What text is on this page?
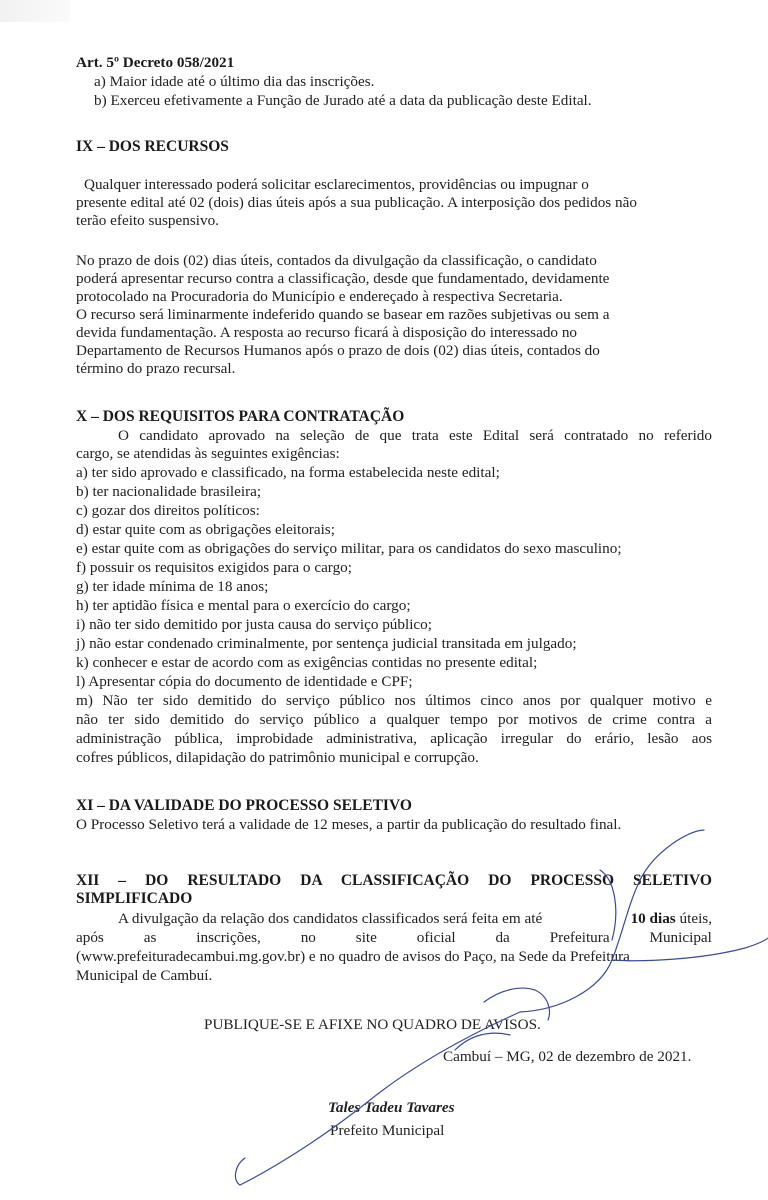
Art. 5º Decreto 058/2021
a) Maior idade até o último dia das inscrições.
b) Exerceu efetivamente a Função de Jurado até a data da publicação deste Edital.
IX – DOS RECURSOS
Qualquer interessado poderá solicitar esclarecimentos, providências ou impugnar o
presente edital até 02 (dois) dias úteis após a sua publicação. A interposição dos pedidos não
terão efeito suspensivo.
No prazo de dois (02) dias úteis, contados da divulgação da classificação, o candidato
poderá apresentar recurso contra a classificação, desde que fundamentado, devidamente
protocolado na Procuradoria do Município e endereçado à respectiva Secretaria.
O recurso será liminarmente indeferido quando se basear em razões subjetivas ou sem a
devida fundamentação. A resposta ao recurso ficará à disposição do interessado no
Departamento de Recursos Humanos após o prazo de dois (02) dias úteis, contados do
término do prazo recursal.
X – DOS REQUISITOS PARA CONTRATAÇÃO
O candidato aprovado na seleção de que trata este Edital será contratado no referido
cargo, se atendidas às seguintes exigências:
a) ter sido aprovado e classificado, na forma estabelecida neste edital;
b) ter nacionalidade brasileira;
c) gozar dos direitos políticos:
d) estar quite com as obrigações eleitorais;
e) estar quite com as obrigações do serviço militar, para os candidatos do sexo masculino;
f) possuir os requisitos exigidos para o cargo;
g) ter idade mínima de 18 anos;
h) ter aptidão física e mental para o exercício do cargo;
i) não ter sido demitido por justa causa do serviço público;
j) não estar condenado criminalmente, por sentença judicial transitada em julgado;
k) conhecer e estar de acordo com as exigências contidas no presente edital;
l) Apresentar cópia do documento de identidade e CPF;
m) Não ter sido demitido do serviço público nos últimos cinco anos por qualquer motivo e
não ter sido demitido do serviço público a qualquer tempo por motivos de crime contra a
administração pública, improbidade administrativa, aplicação irregular do erário, lesão aos
cofres públicos, dilapidação do patrimônio municipal e corrupção.
XI – DA VALIDADE DO PROCESSO SELETIVO
O Processo Seletivo terá a validade de 12 meses, a partir da publicação do resultado final.
XII – DO RESULTADO DA CLASSIFICAÇÃO DO PROCESSO SELETIVO
SIMPLIFICADO
A divulgação da relação dos candidatos classificados será feita em até	10 dias úteis,
após	as	inscrições,	no	site	oficial	da	Prefeitura	Municipal
(www.prefeituradecambui.mg.gov.br) e no quadro de avisos do Paço, na Sede da Prefeitura
Municipal de Cambuí.
PUBLIQUE-SE E AFIXE NO QUADRO DE AVISOS.
Cambuí – MG, 02 de dezembro de 2021.
Tales Tadeu Tavares
Prefeito Municipal
